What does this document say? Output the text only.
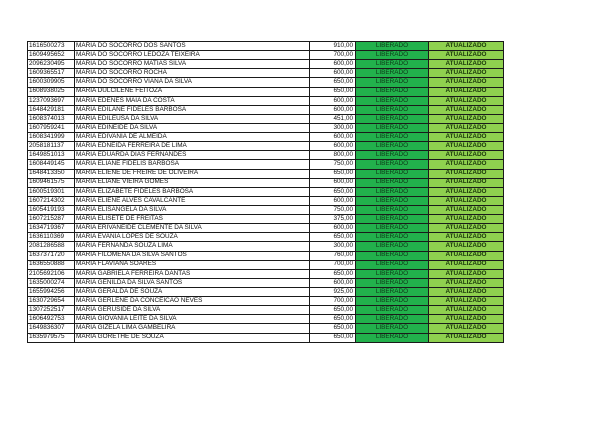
1616500273	MARIA DO SOCORRO DOS SANTOS	910,00	LIBERADO	ATUALIZADO
1609495652	MARIA DO SOCORRO LEDOZA TEIXEIRA	700,00	LIBERADO	ATUALIZADO
2096230495	MARIA DO SOCORRO MATIAS SILVA	600,00	LIBERADO	ATUALIZADO
1609365517	MARIA DO SOCORRO ROCHA	600,00	LIBERADO	ATUALIZADO
1600309905	MARIA DO SOCORRO VIANA DA SILVA	650,00	LIBERADO	ATUALIZADO
1608938025	MARIA DULCILENE FEITOZA	650,00	LIBERADO	ATUALIZADO
1237093697	MARIA EDENES MAIA DA COSTA	600,00	LIBERADO	ATUALIZADO
1648429181	MARIA EDILANE FIDELES BARBOSA	600,00	LIBERADO	ATUALIZADO
1608374013	MARIA EDILEUSA DA SILVA	451,00	LIBERADO	ATUALIZADO
1607959241	MARIA EDINEIDE DA SILVA	300,00	LIBERADO	ATUALIZADO
1608341999	MARIA EDIVANIA DE ALMEIDA	600,00	LIBERADO	ATUALIZADO
2058181137	MARIA EDNEIDA FERREIRA DE LIMA	600,00	LIBERADO	ATUALIZADO
1649851013	MARIA EDUARDA DIAS FERNANDES	800,00	LIBERADO	ATUALIZADO
1608449145	MARIA ELIANE FIDELIS BARBOSA	750,00	LIBERADO	ATUALIZADO
1648413350	MARIA ELIENE DE FREIRE DE OLIVEIRA	650,00	LIBERADO	ATUALIZADO
1609461575	MARIA ELIANE VIEIRA GOMES	600,00	LIBERADO	ATUALIZADO
1600519301	MARIA ELIZABETE FIDELES BARBOSA	650,00	LIBERADO	ATUALIZADO
1607214302	MARIA ELIENE ALVES CAVALCANTE	600,00	LIBERADO	ATUALIZADO
1605419193	MARIA ELISANGELA DA SILVA	750,00	LIBERADO	ATUALIZADO
1607215287	MARIA ELISETE DE FREITAS	375,00	LIBERADO	ATUALIZADO
1634719367	MARIA ERIVANEIDE CLEMENTE DA SILVA	600,00	LIBERADO	ATUALIZADO
1636110369	MARIA EVANIA LOPES DE SOUZA	650,00	LIBERADO	ATUALIZADO
2081286588	MARIA FERNANDA SOUZA LIMA	300,00	LIBERADO	ATUALIZADO
1637371720	MARIA FILOMENA DA SILVA SANTOS	760,00	LIBERADO	ATUALIZADO
1636550888	MARIA FLAVIANA SOARES	700,00	LIBERADO	ATUALIZADO
2105692106	MARIA GABRIELA FERREIRA DANTAS	650,00	LIBERADO	ATUALIZADO
1635000274	MARIA GENILDA DA SILVA SANTOS	600,00	LIBERADO	ATUALIZADO
1655994256	MARIA GERALDA DE SOUZA	925,00	LIBERADO	ATUALIZADO
1630729654	MARIA GERLENE DA CONCEICAO NEVES	700,00	LIBERADO	ATUALIZADO
1307252517	MARIA GERUSIDE DA SILVA	650,00	LIBERADO	ATUALIZADO
1606492753	MARIA GIOVANIA LEITE DA SILVA	650,00	LIBERADO	ATUALIZADO
1649836307	MARIA GIZELA LIMA GAMBELIRA	650,00	LIBERADO	ATUALIZADO
1635979575	MARIA GORETHE DE SOUZA	650,00	LIBERADO	ATUALIZADO
